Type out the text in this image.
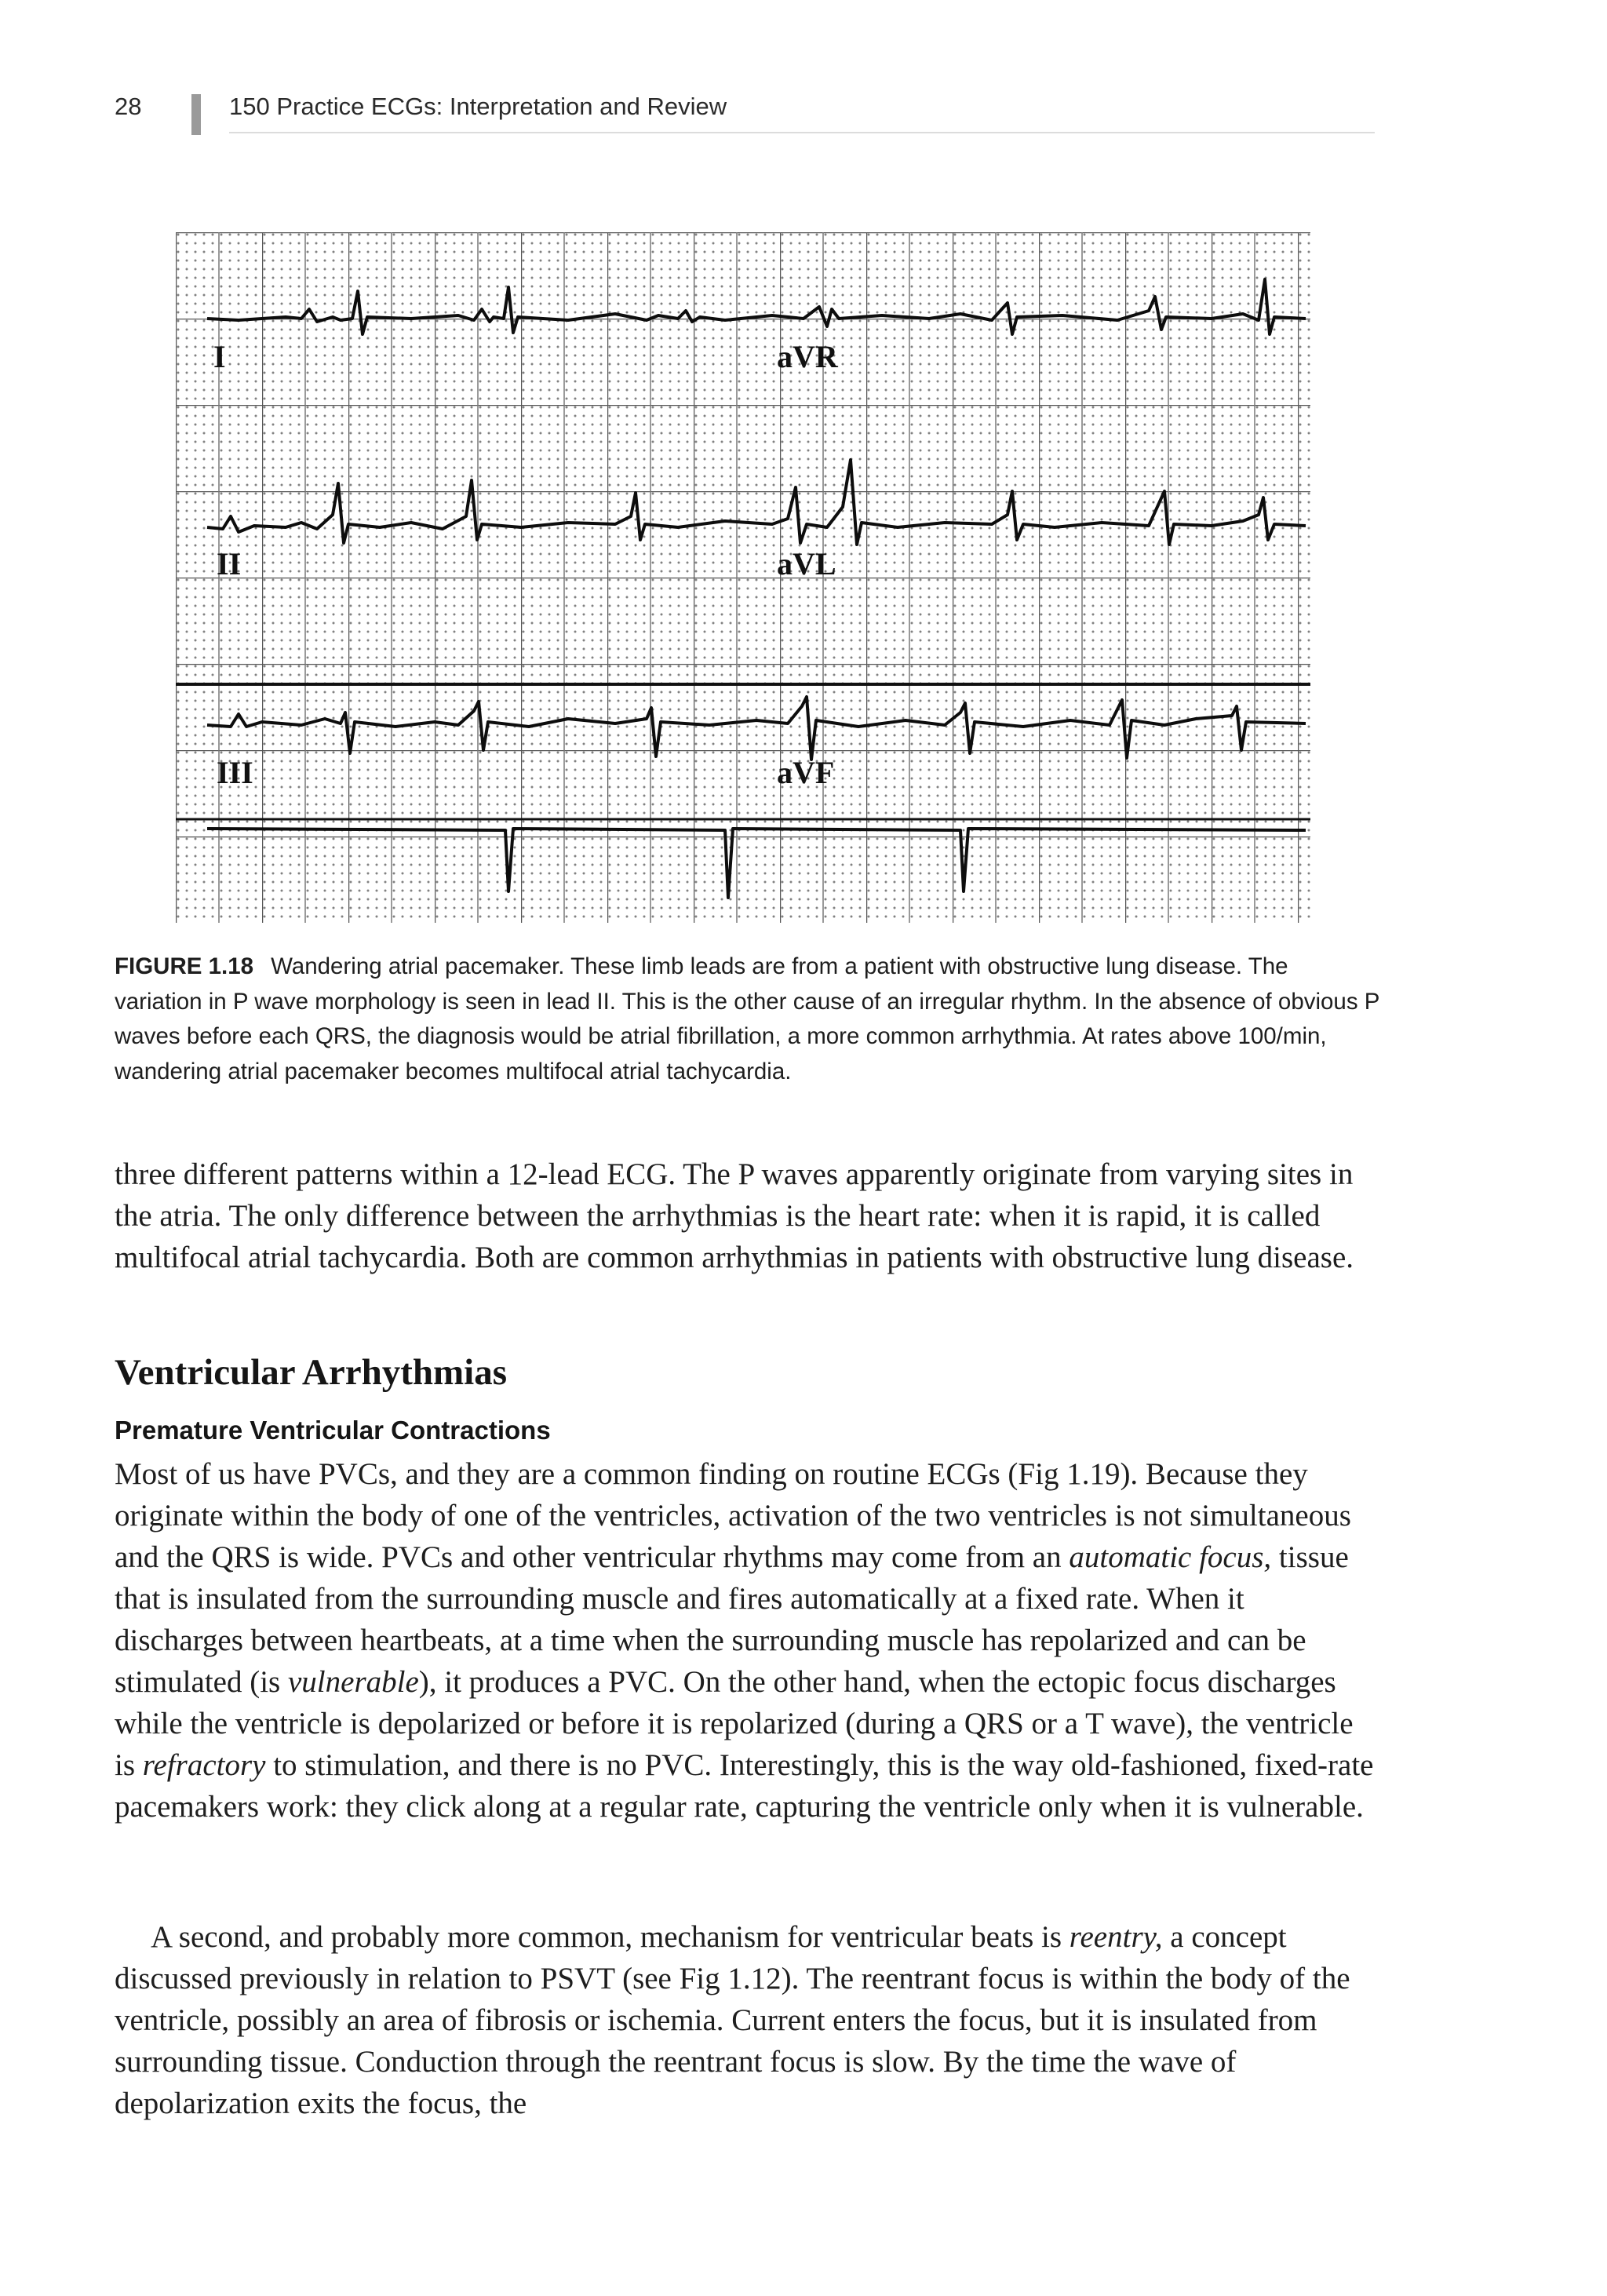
28	150 Practice ECGs: Interpretation and Review
I	aVR
II	aVL
III	aVF
FIGURE 1.18 Wandering atrial pacemaker. These limb leads are from a patient with obstructive lung disease. The variation in P wave morphology is seen in lead II. This is the other cause of an irregular rhythm. In the absence of obvious P waves before each QRS, the diagnosis would be atrial fibrillation, a more common arrhythmia. At rates above 100/min, wandering atrial pacemaker becomes multifocal atrial tachycardia.

three different patterns within a 12-lead ECG. The P waves apparently originate from varying sites in the atria. The only difference between the arrhythmias is the heart rate: when it is rapid, it is called multifocal atrial tachycardia. Both are common arrhythmias in patients with obstructive lung disease.

Ventricular Arrhythmias
Premature Ventricular Contractions

Most of us have PVCs, and they are a common finding on routine ECGs (Fig 1.19). Because they originate within the body of one of the ventricles, activation of the two ventricles is not simultaneous and the QRS is wide. PVCs and other ventricular rhythms may come from an automatic focus, tissue that is insulated from the surrounding muscle and fires automatically at a fixed rate. When it discharges between heartbeats, at a time when the surrounding muscle has repolarized and can be stimulated (is vulnerable), it produces a PVC. On the other hand, when the ectopic focus discharges while the ventricle is depolarized or before it is repolarized (during a QRS or a T wave), the ventricle is refractory to stimulation, and there is no PVC. Interestingly, this is the way old-fashioned, fixed-rate pacemakers work: they click along at a regular rate, capturing the ventricle only when it is vulnerable.

A second, and probably more common, mechanism for ventricular beats is reentry, a concept discussed previously in relation to PSVT (see Fig 1.12). The reentrant focus is within the body of the ventricle, possibly an area of fibrosis or ischemia. Current enters the focus, but it is insulated from surrounding tissue. Conduction through the reentrant focus is slow. By the time the wave of depolarization exits the focus, the
